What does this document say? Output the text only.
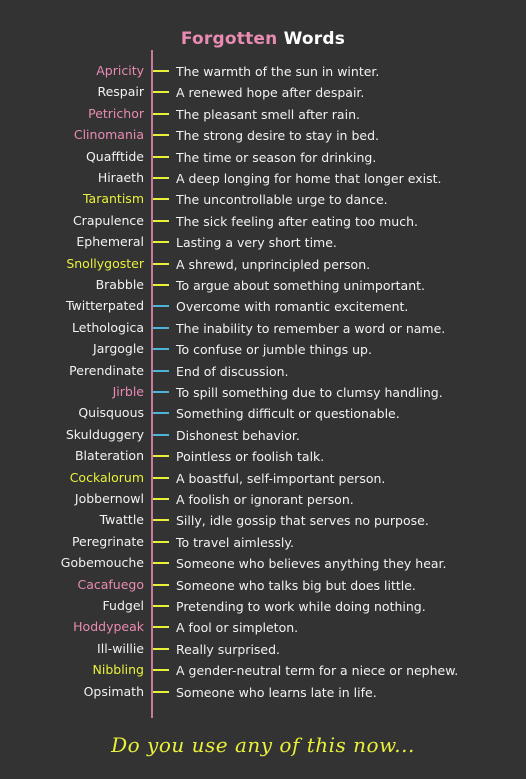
Forgotten Words
Apricity	The warmth of the sun in winter.
Respair	A renewed hope after despair.
Petrichor	The pleasant smell after rain.
Clinomania	The strong desire to stay in bed.
Quafftide	The time or season for drinking.
Hiraeth	A deep longing for home that longer exist.
Tarantism	The uncontrollable urge to dance.
Crapulence	The sick feeling after eating too much.
Ephemeral	Lasting a very short time.
Snollygoster	A shrewd, unprincipled person.
Brabble	To argue about something unimportant.
Twitterpated	Overcome with romantic excitement.
Lethologica	The inability to remember a word or name.
Jargogle	To confuse or jumble things up.
Perendinate	End of discussion.
Jirble	To spill something due to clumsy handling.
Quisquous	Something difficult or questionable.
Skulduggery	Dishonest behavior.
Blateration	Pointless or foolish talk.
Cockalorum	A boastful, self-important person.
Jobbernowl	A foolish or ignorant person.
Twattle	Silly, idle gossip that serves no purpose.
Peregrinate	To travel aimlessly.
Gobemouche	Someone who believes anything they hear.
Cacafuego	Someone who talks big but does little.
Fudgel	Pretending to work while doing nothing.
Hoddypeak	A fool or simpleton.
Ill-willie	Really surprised.
Nibbling	A gender-neutral term for a niece or nephew.
Opsimath	Someone who learns late in life.
Do you use any of this now...
